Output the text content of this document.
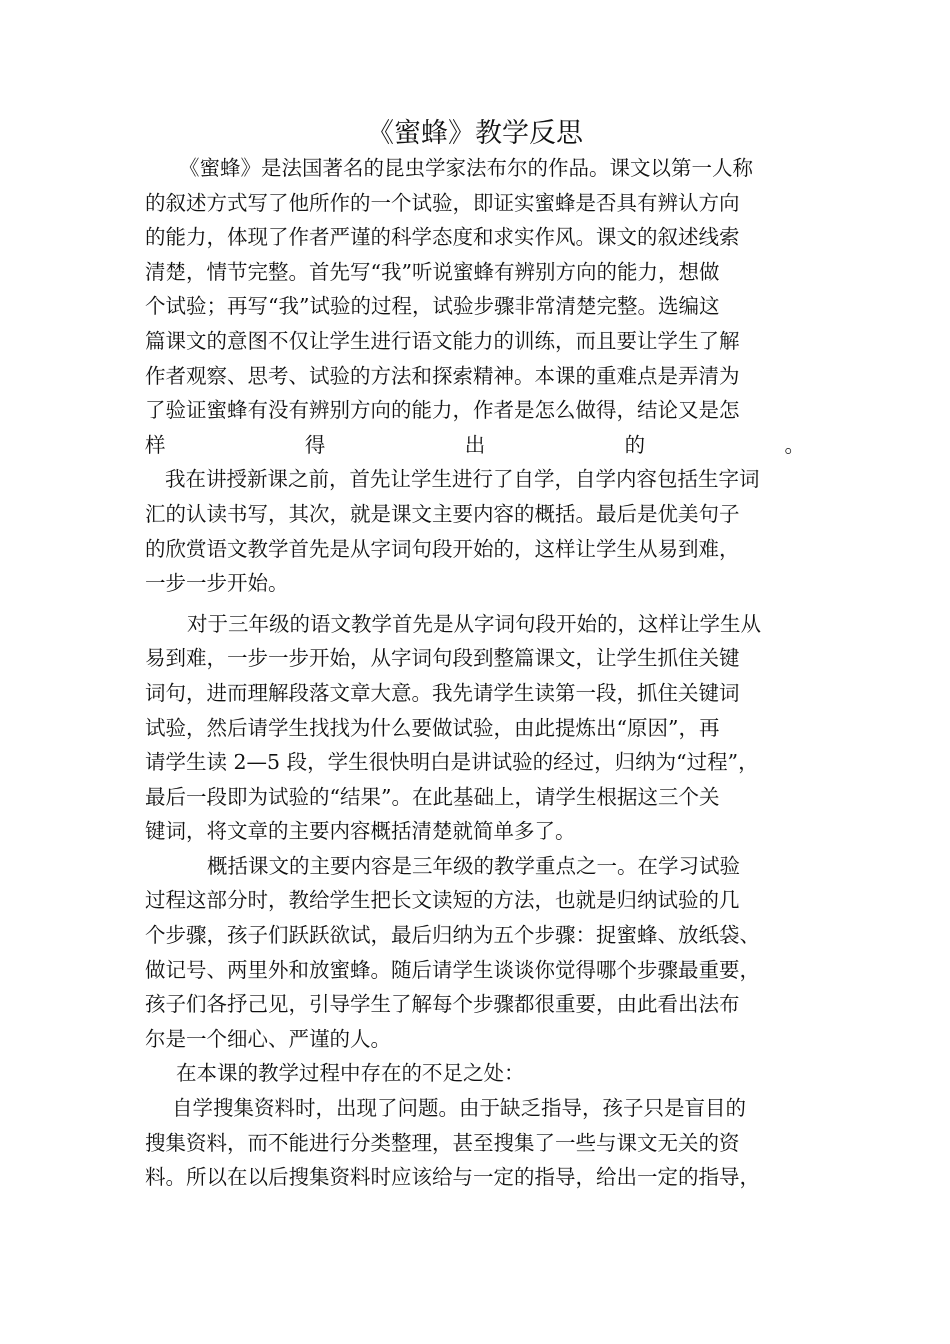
《蜜蜂》教学反思
《蜜蜂》是法国著名的昆虫学家法布尔的作品。课文以第一人称
的叙述方式写了他所作的一个试验，即证实蜜蜂是否具有辨认方向
的能力，体现了作者严谨的科学态度和求实作风。课文的叙述线索
清楚，情节完整。首先写“我”听说蜜蜂有辨别方向的能力，想做
个试验；再写“我”试验的过程，试验步骤非常清楚完整。选编这
篇课文的意图不仅让学生进行语文能力的训练，而且要让学生了解
作者观察、思考、试验的方法和探索精神。本课的重难点是弄清为
了验证蜜蜂有没有辨别方向的能力，作者是怎么做得，结论又是怎
样	得	出	的	。
我在讲授新课之前，首先让学生进行了自学，自学内容包括生字词
汇的认读书写，其次，就是课文主要内容的概括。最后是优美句子
的欣赏语文教学首先是从字词句段开始的，这样让学生从易到难，
一步一步开始。
对于三年级的语文教学首先是从字词句段开始的，这样让学生从
易到难，一步一步开始，从字词句段到整篇课文，让学生抓住关键
词句，进而理解段落文章大意。我先请学生读第一段，抓住关键词
试验，然后请学生找找为什么要做试验，由此提炼出“原因”，再
请学生读 2—5 段，学生很快明白是讲试验的经过，归纳为“过程”，
最后一段即为试验的“结果”。在此基础上，请学生根据这三个关
键词，将文章的主要内容概括清楚就简单多了。
概括课文的主要内容是三年级的教学重点之一。在学习试验
过程这部分时，教给学生把长文读短的方法，也就是归纳试验的几
个步骤，孩子们跃跃欲试，最后归纳为五个步骤：捉蜜蜂、放纸袋、
做记号、两里外和放蜜蜂。随后请学生谈谈你觉得哪个步骤最重要，
孩子们各抒己见，引导学生了解每个步骤都很重要，由此看出法布
尔是一个细心、严谨的人。
在本课的教学过程中存在的不足之处：
自学搜集资料时，出现了问题。由于缺乏指导，孩子只是盲目的
搜集资料，而不能进行分类整理，甚至搜集了一些与课文无关的资
料。所以在以后搜集资料时应该给与一定的指导，给出一定的指导，
